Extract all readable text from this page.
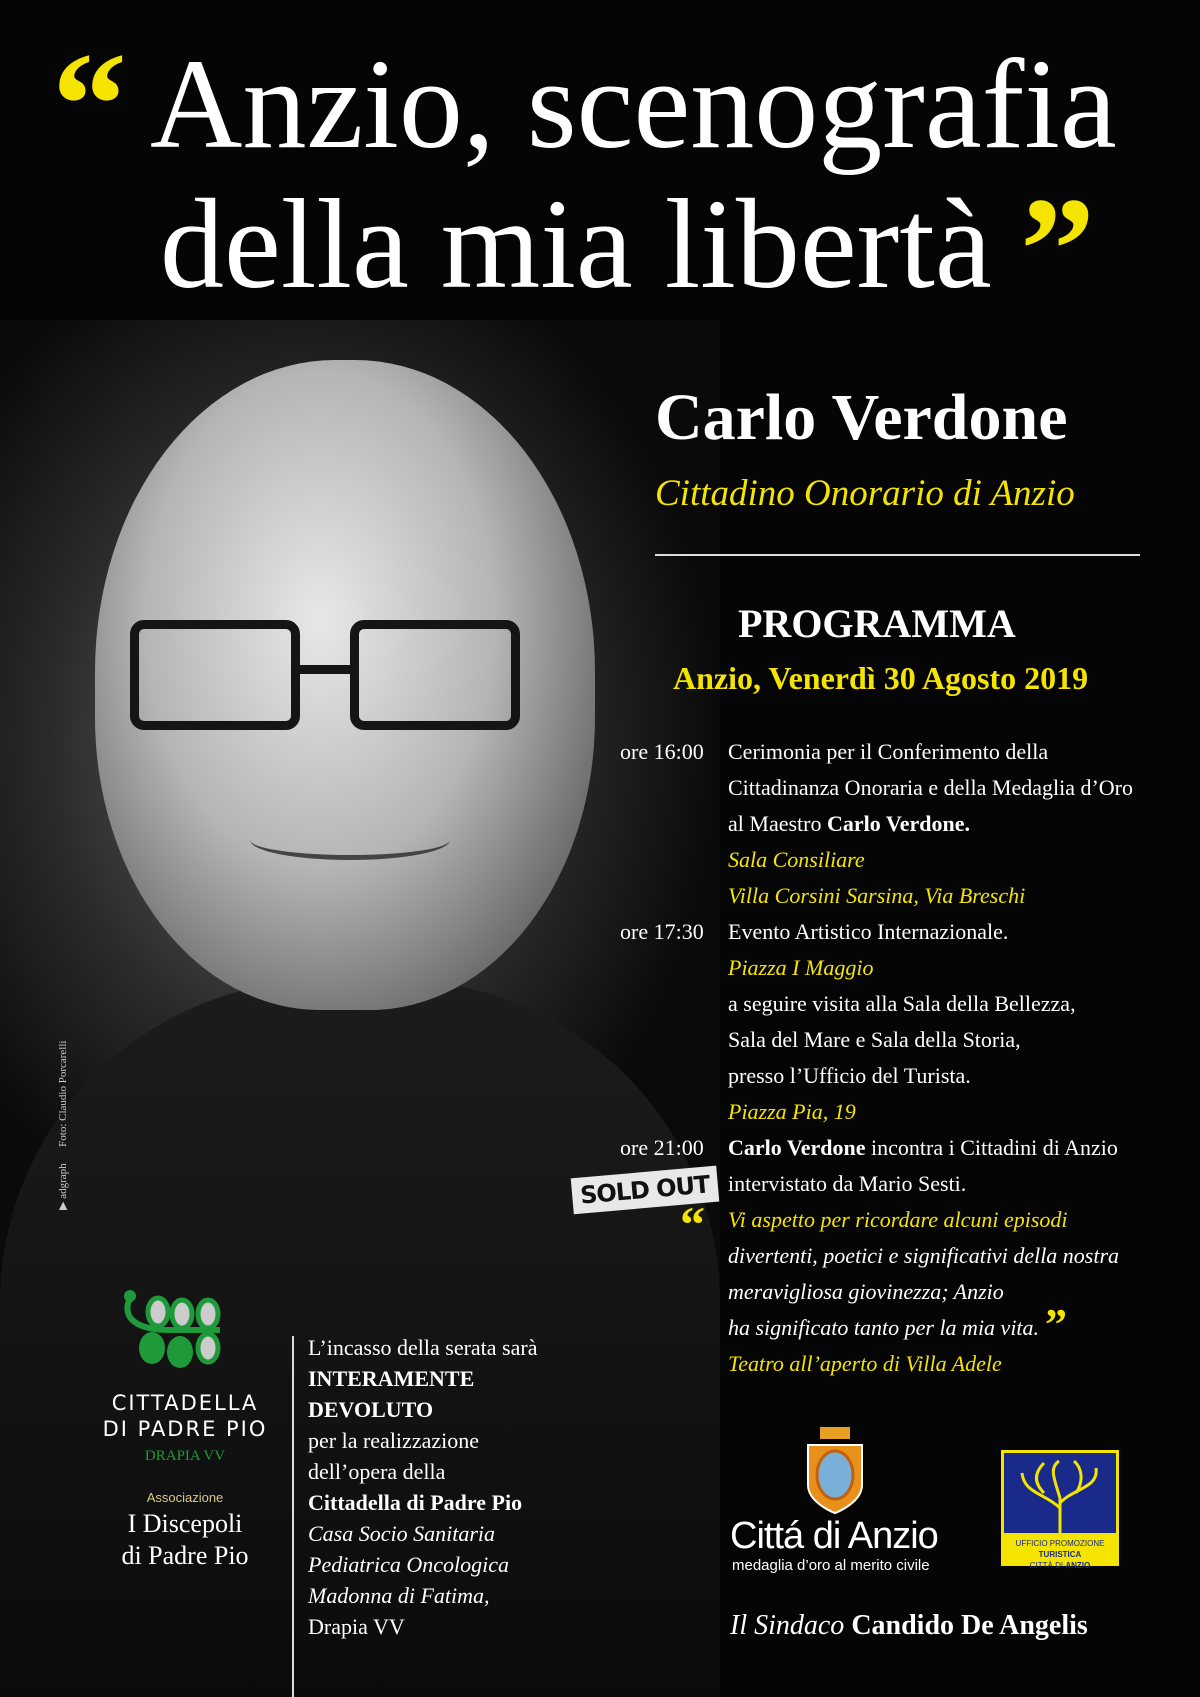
“ Anzio, scenografia
della mia libertà ”
Carlo Verdone
Cittadino Onorario di Anzio
PROGRAMMA
Anzio, Venerdì 30 Agosto 2019
ore 16:00	Cerimonia per il Conferimento della
Cittadinanza Onoraria e della Medaglia d’Oro
al Maestro Carlo Verdone.
Sala Consiliare
Villa Corsini Sarsina, Via Breschi
ore 17:30	Evento Artistico Internazionale.
Piazza I Maggio
a seguire visita alla Sala della Bellezza,
Sala del Mare e Sala della Storia,
presso l’Ufficio del Turista.
Piazza Pia, 19
ore 21:00	Carlo Verdone incontra i Cittadini di Anzio
intervistato da Mario Sesti.
Vi aspetto per ricordare alcuni episodi
divertenti, poetici e significativi della nostra
meravigliosa giovinezza; Anzio
ha significato tanto per la mia vita. ”
Teatro all’aperto di Villa Adele
“
SOLD OUT
▶ adgraph      Foto: Claudio Porcarelli
CITTADELLA
DI PADRE PIO
DRAPIA VV
Associazione
I Discepoli
di Padre Pio
L’incasso della serata sarà
INTERAMENTE
DEVOLUTO
per la realizzazione
dell’opera della
Cittadella di Padre Pio
Casa Socio Sanitaria
Pediatrica Oncologica
Madonna di Fatima,
Drapia VV
Cittá di Anzio
medaglia d’oro al merito civile
UFFICIO PROMOZIONE TURISTICA
CITTÀ DI ANZIO
Il Sindaco Candido De Angelis
